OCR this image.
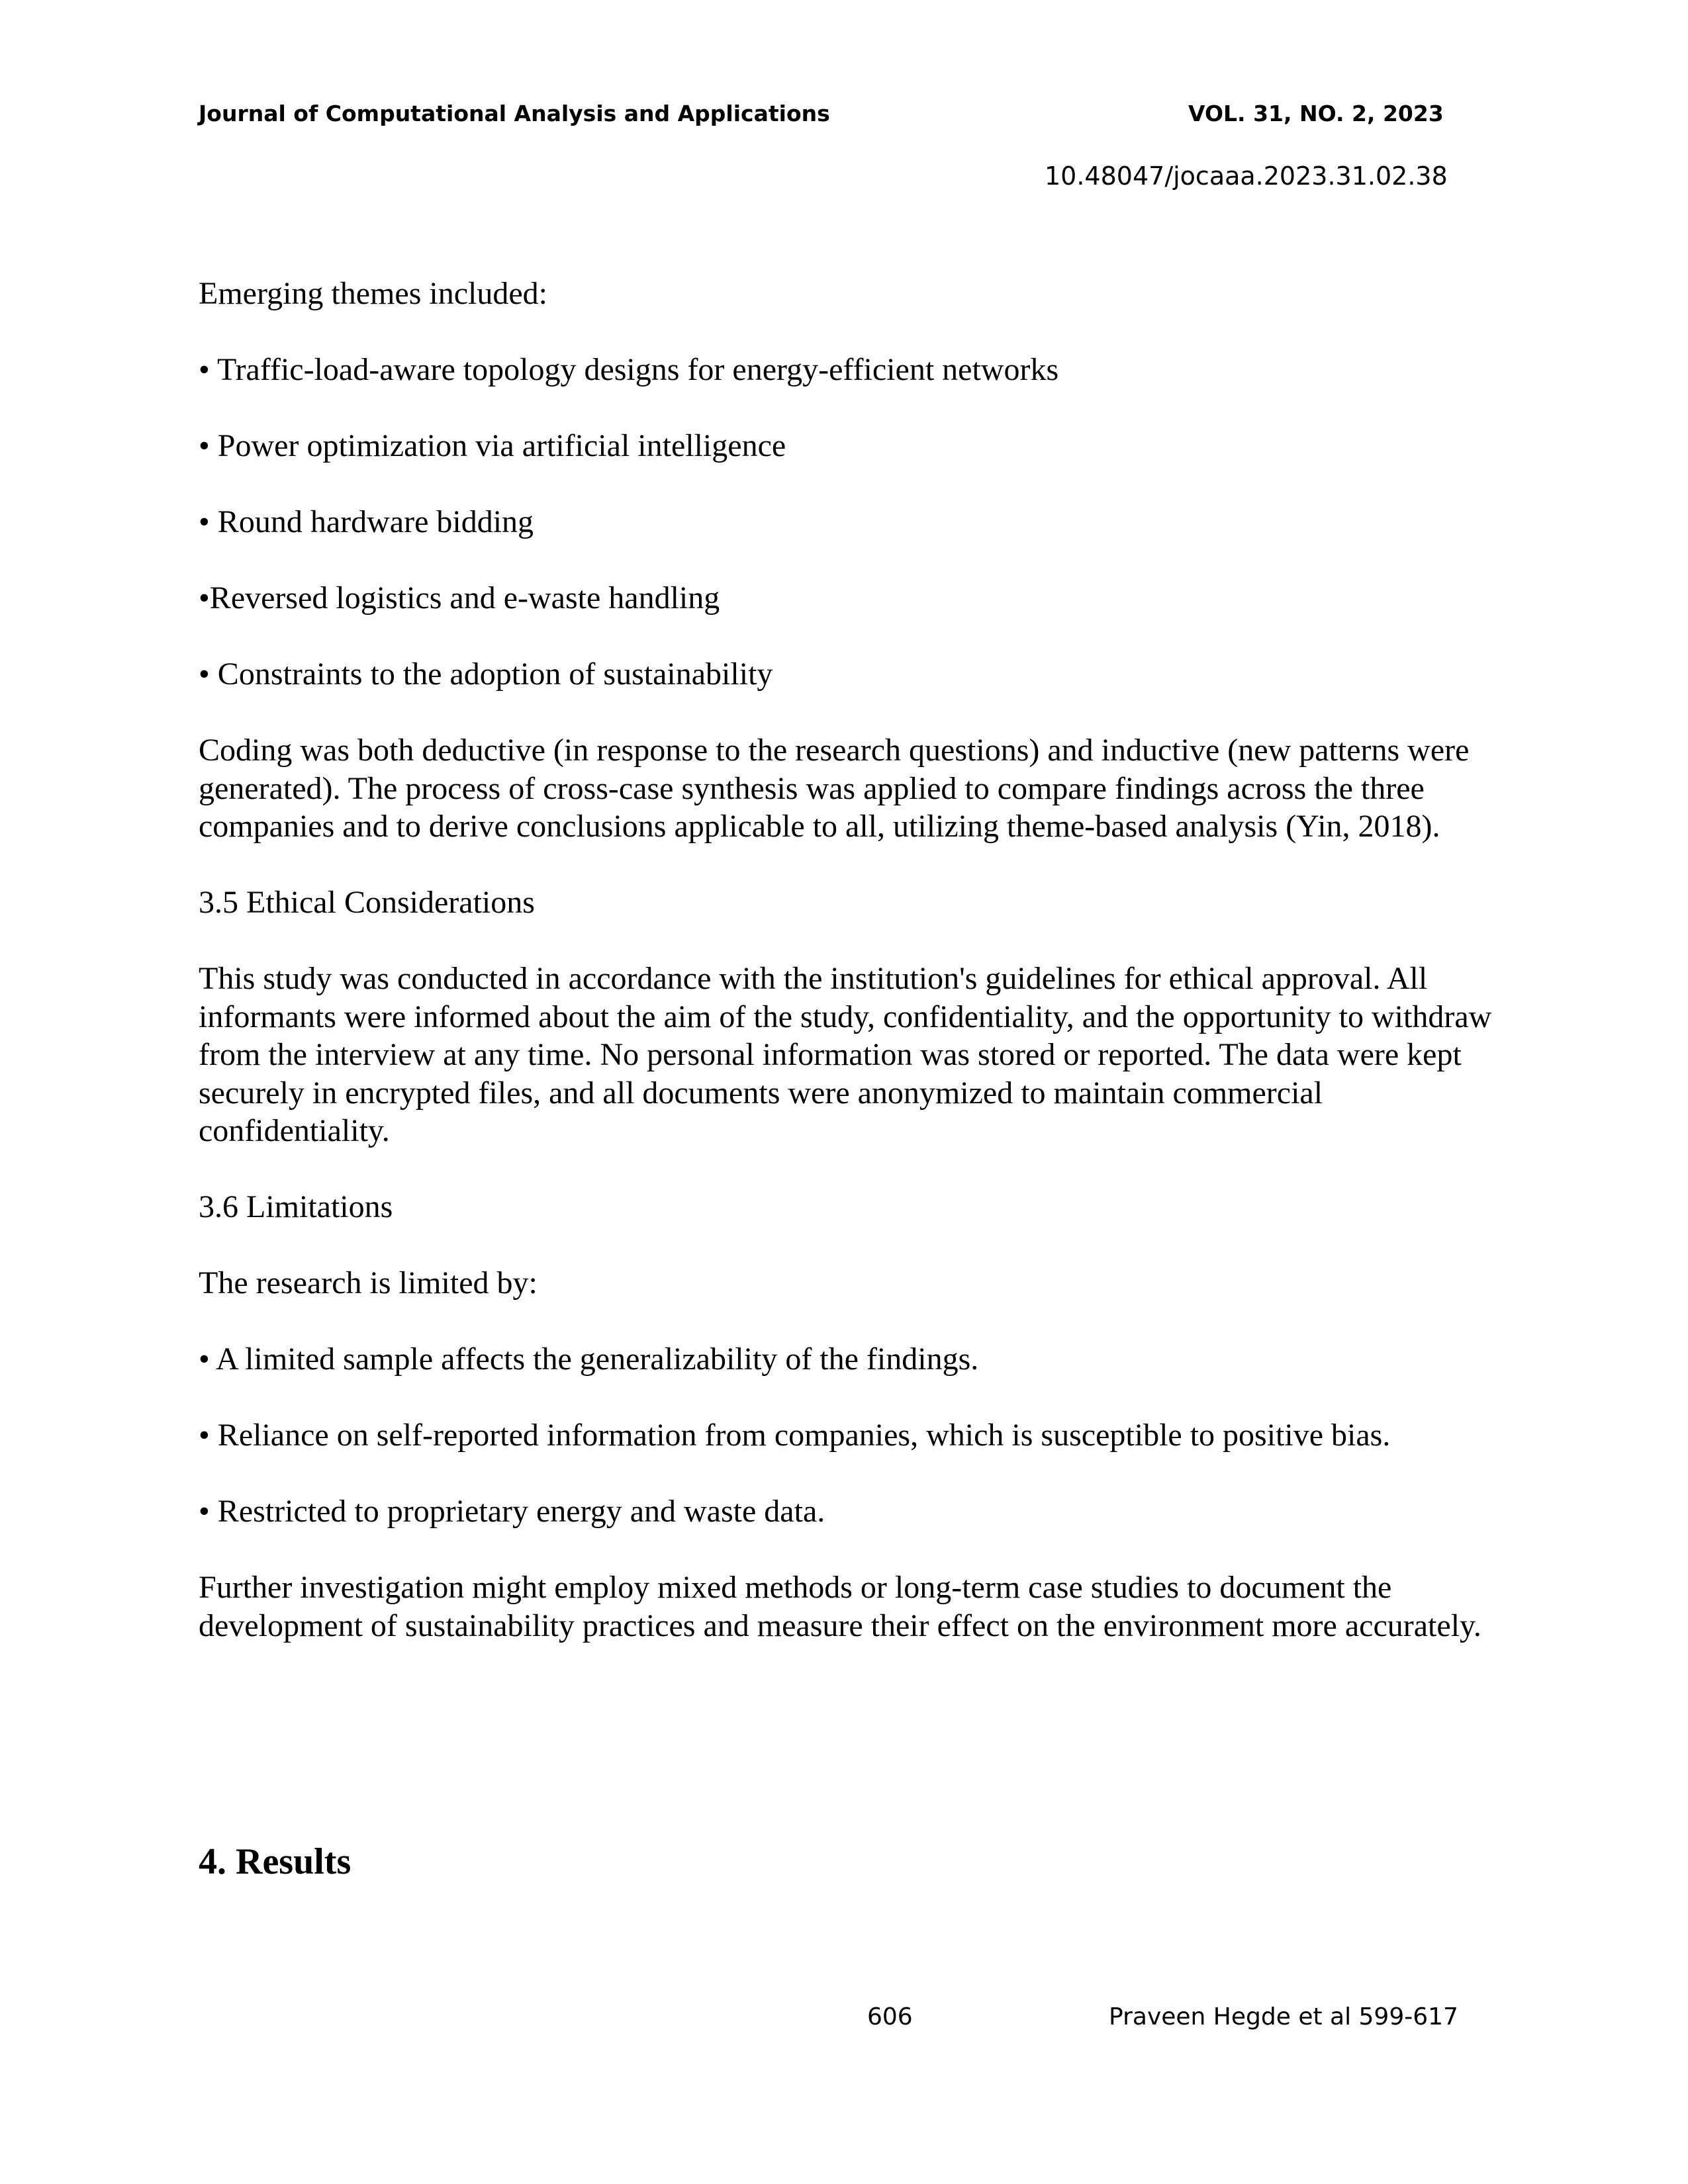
Journal of Computational Analysis and Applications	VOL. 31, NO. 2, 2023
10.48047/jocaaa.2023.31.02.38

Emerging themes included:

• Traffic-load-aware topology designs for energy-efficient networks

• Power optimization via artificial intelligence

• Round hardware bidding

•Reversed logistics and e-waste handling

• Constraints to the adoption of sustainability

Coding was both deductive (in response to the research questions) and inductive (new patterns were generated). The process of cross-case synthesis was applied to compare findings across the three companies and to derive conclusions applicable to all, utilizing theme-based analysis (Yin, 2018).

3.5 Ethical Considerations

This study was conducted in accordance with the institution's guidelines for ethical approval. All informants were informed about the aim of the study, confidentiality, and the opportunity to withdraw from the interview at any time. No personal information was stored or reported. The data were kept securely in encrypted files, and all documents were anonymized to maintain commercial confidentiality.

3.6 Limitations

The research is limited by:

• A limited sample affects the generalizability of the findings.

• Reliance on self-reported information from companies, which is susceptible to positive bias.

• Restricted to proprietary energy and waste data.

Further investigation might employ mixed methods or long-term case studies to document the development of sustainability practices and measure their effect on the environment more accurately.

4. Results
606	Praveen Hegde et al 599-617
